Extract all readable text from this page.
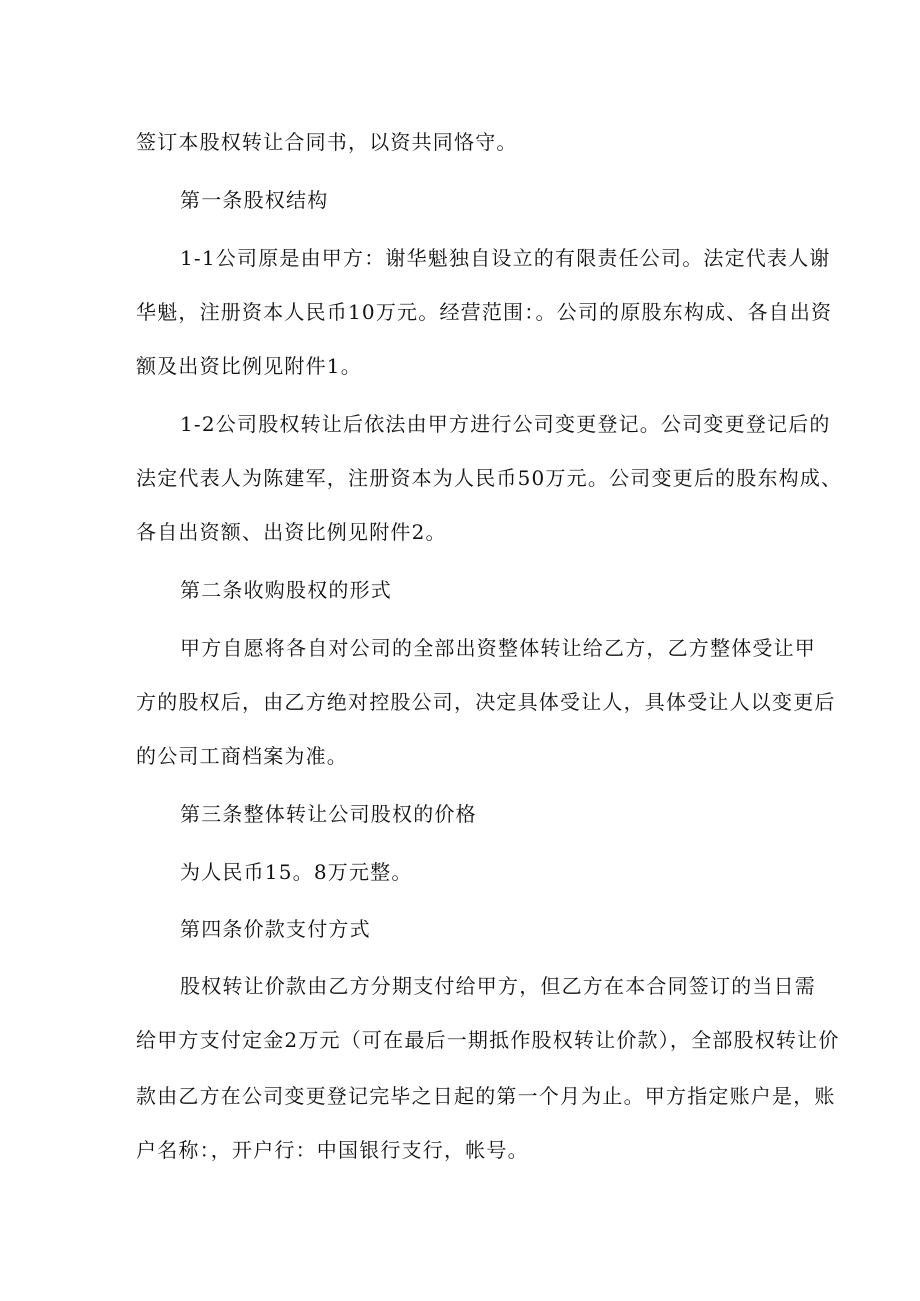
签订本股权转让合同书，以资共同恪守。
第一条股权结构
1-1公司原是由甲方：谢华魁独自设立的有限责任公司。法定代表人谢
华魁，注册资本人民币10万元。经营范围：。公司的原股东构成、各自出资
额及出资比例见附件1。
1-2公司股权转让后依法由甲方进行公司变更登记。公司变更登记后的
法定代表人为陈建军，注册资本为人民币50万元。公司变更后的股东构成、
各自出资额、出资比例见附件2。
第二条收购股权的形式
甲方自愿将各自对公司的全部出资整体转让给乙方，乙方整体受让甲
方的股权后，由乙方绝对控股公司，决定具体受让人，具体受让人以变更后
的公司工商档案为准。
第三条整体转让公司股权的价格
为人民币15。8万元整。
第四条价款支付方式
股权转让价款由乙方分期支付给甲方，但乙方在本合同签订的当日需
给甲方支付定金2万元（可在最后一期抵作股权转让价款），全部股权转让价
款由乙方在公司变更登记完毕之日起的第一个月为止。甲方指定账户是，账
户名称：，开户行：中国银行支行，帐号。
